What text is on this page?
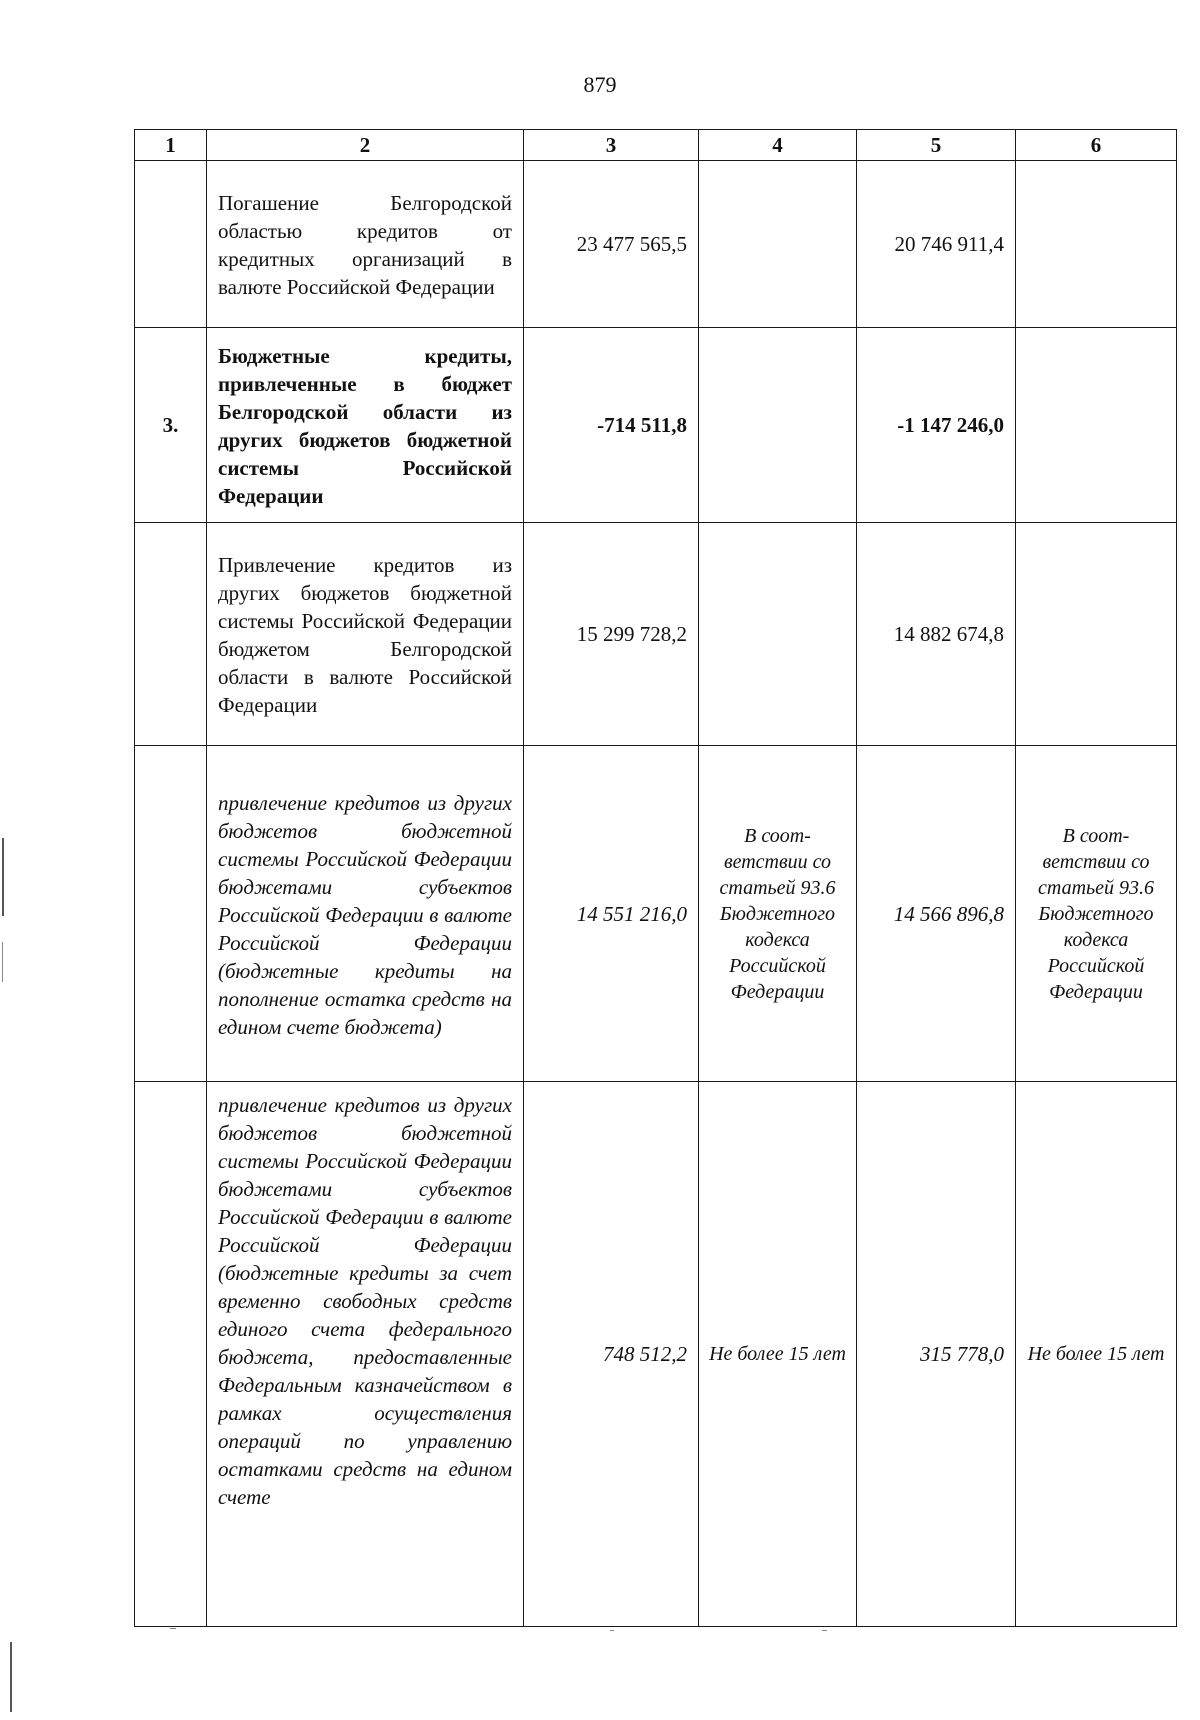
879
1	2	3	4	5	6
	Погашение Белгородской областью кредитов от кредитных организаций в валюте Российской Федерации	23 477 565,5		20 746 911,4	
3.	Бюджетные кредиты, привлеченные в бюджет Белгородской области из других бюджетов бюджетной системы Российской Федерации	-714 511,8		-1 147 246,0	
	Привлечение кредитов из других бюджетов бюджетной системы Российской Федерации бюджетом Белгородской области в валюте Российской Федерации	15 299 728,2		14 882 674,8	
	привлечение кредитов из других бюджетов бюджетной системы Российской Федерации бюджетами субъектов Российской Федерации в валюте Российской Федерации (бюджетные кредиты на пополнение остатка средств на едином счете бюджета)	14 551 216,0	В соот-ветствии со статьей 93.6 Бюджетного кодекса Российской Федерации	14 566 896,8	В соот-ветствии со статьей 93.6 Бюджетного кодекса Российской Федерации

	привлечение кредитов из других бюджетов бюджетной системы Российской Федерации бюджетами субъектов Российской Федерации в валюте Российской Федерации (бюджетные кредиты за счет временно свободных средств единого счета федерального бюджета, предоставленные Федеральным казначейством в рамках осуществления операций по управлению остатками средств на едином счете	748 512,2	Не более 15 лет	315 778,0	Не более 15 лет
